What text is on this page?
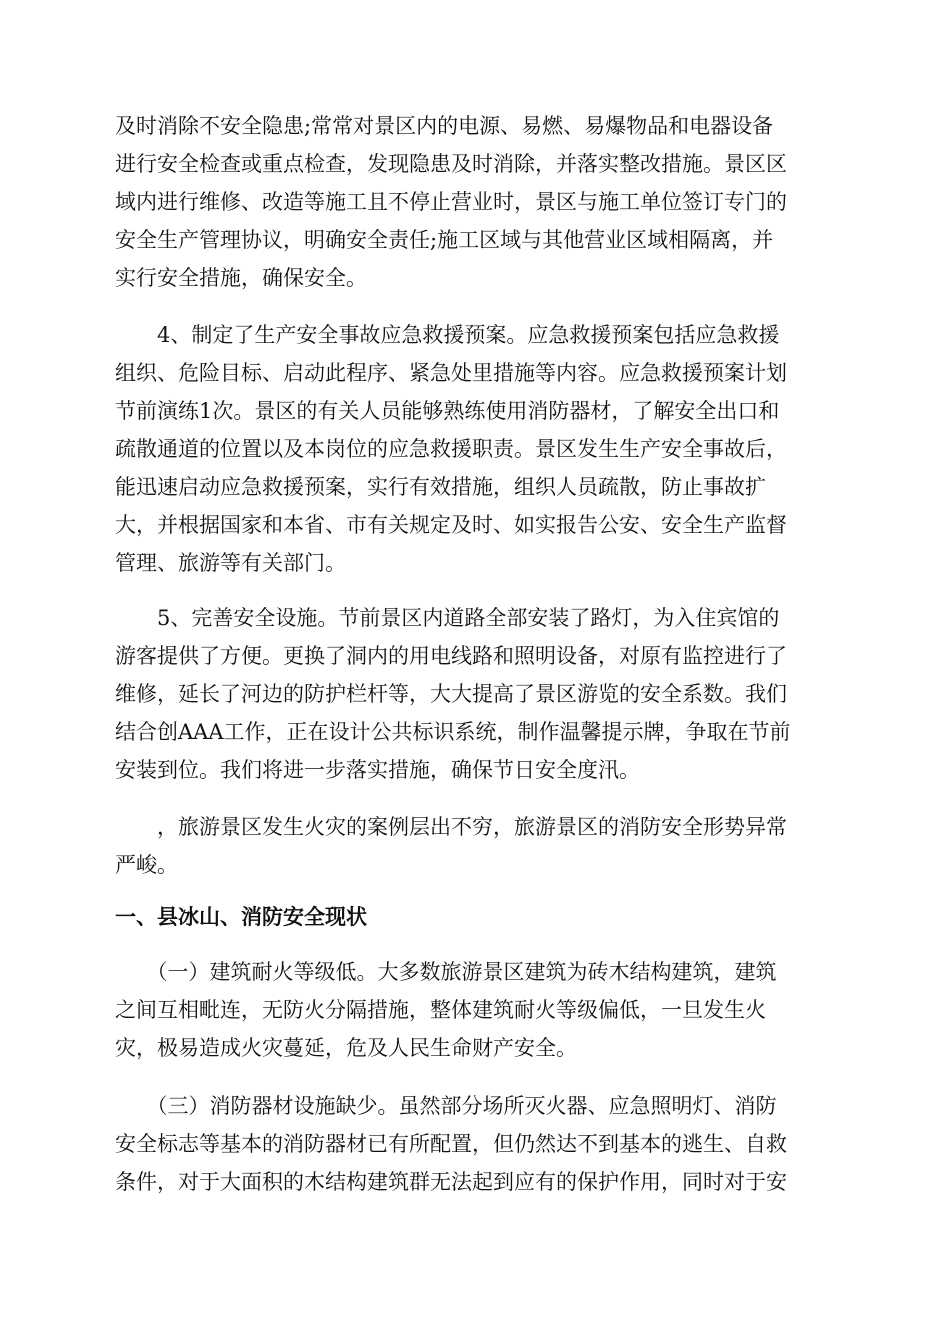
及时消除不安全隐患;常常对景区内的电源、易燃、易爆物品和电器设备
进行安全检查或重点检查，发现隐患及时消除，并落实整改措施。景区区
域内进行维修、改造等施工且不停止营业时，景区与施工单位签订专门的
安全生产管理协议，明确安全责任;施工区域与其他营业区域相隔离，并
实行安全措施，确保安全。
　　4、制定了生产安全事故应急救援预案。应急救援预案包括应急救援
组织、危险目标、启动此程序、紧急处里措施等内容。应急救援预案计划
节前演练1次。景区的有关人员能够熟练使用消防器材，了解安全出口和
疏散通道的位置以及本岗位的应急救援职责。景区发生生产安全事故后，
能迅速启动应急救援预案，实行有效措施，组织人员疏散，防止事故扩
大，并根据国家和本省、市有关规定及时、如实报告公安、安全生产监督
管理、旅游等有关部门。
　　5、完善安全设施。节前景区内道路全部安装了路灯，为入住宾馆的
游客提供了方便。更换了洞内的用电线路和照明设备，对原有监控进行了
维修，延长了河边的防护栏杆等，大大提高了景区游览的安全系数。我们
结合创AAA工作，正在设计公共标识系统，制作温馨提示牌，争取在节前
安装到位。我们将进一步落实措施，确保节日安全度汛。
　　，旅游景区发生火灾的案例层出不穷，旅游景区的消防安全形势异常
严峻。
一、县冰山、消防安全现状
　　（一）建筑耐火等级低。大多数旅游景区建筑为砖木结构建筑，建筑
之间互相毗连，无防火分隔措施，整体建筑耐火等级偏低，一旦发生火
灾，极易造成火灾蔓延，危及人民生命财产安全。
　　（三）消防器材设施缺少。虽然部分场所灭火器、应急照明灯、消防
安全标志等基本的消防器材已有所配置，但仍然达不到基本的逃生、自救
条件，对于大面积的木结构建筑群无法起到应有的保护作用，同时对于安
